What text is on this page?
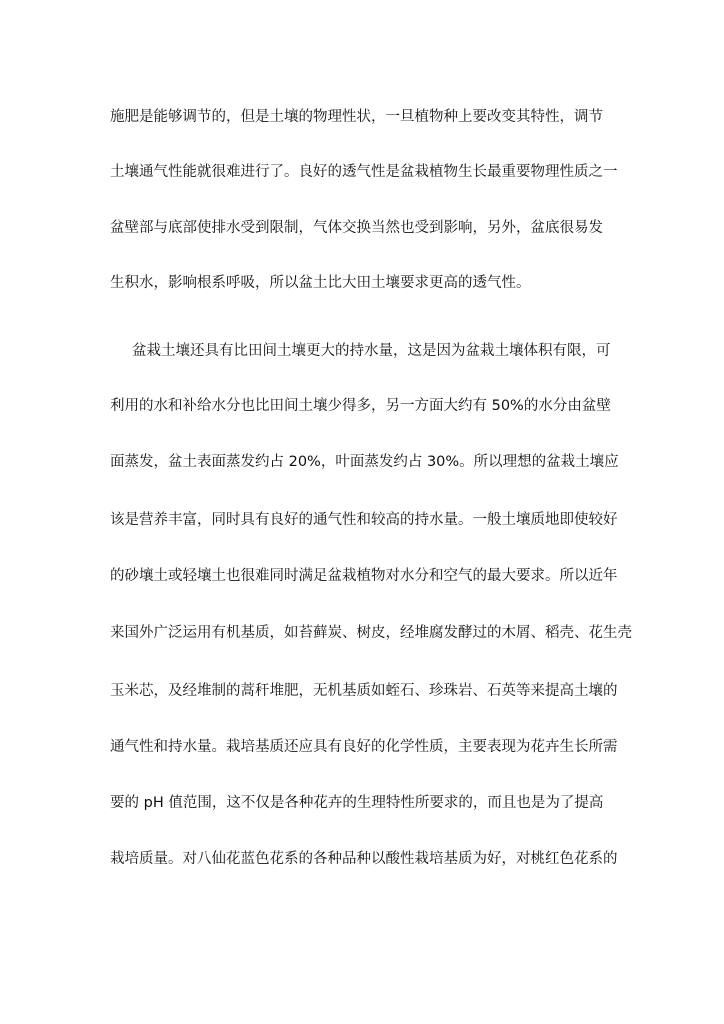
施肥是能够调节的，但是土壤的物理性状，一旦植物种上要改变其特性，调节
土壤通气性能就很难进行了。良好的透气性是盆栽植物生长最重要物理性质之一
盆壁部与底部使排水受到限制，气体交换当然也受到影响，另外，盆底很易发
生积水，影响根系呼吸，所以盆土比大田土壤要求更高的透气性。
盆栽土壤还具有比田间土壤更大的持水量，这是因为盆栽土壤体积有限，可
利用的水和补给水分也比田间土壤少得多，另一方面大约有 50%的水分由盆壁
面蒸发，盆土表面蒸发约占 20%，叶面蒸发约占 30%。所以理想的盆栽土壤应
该是营养丰富，同时具有良好的通气性和较高的持水量。一般土壤质地即使较好
的砂壤土或轻壤土也很难同时满足盆栽植物对水分和空气的最大要求。所以近年
来国外广泛运用有机基质，如苔藓炭、树皮，经堆腐发酵过的木屑、稻壳、花生壳
玉米芯，及经堆制的蒿秆堆肥，无机基质如蛭石、珍珠岩、石英等来提高土壤的
通气性和持水量。栽培基质还应具有良好的化学性质，主要表现为花卉生长所需
要的 pH 值范围，这不仅是各种花卉的生理特性所要求的，而且也是为了提高
栽培质量。对八仙花蓝色花系的各种品种以酸性栽培基质为好，对桃红色花系的
